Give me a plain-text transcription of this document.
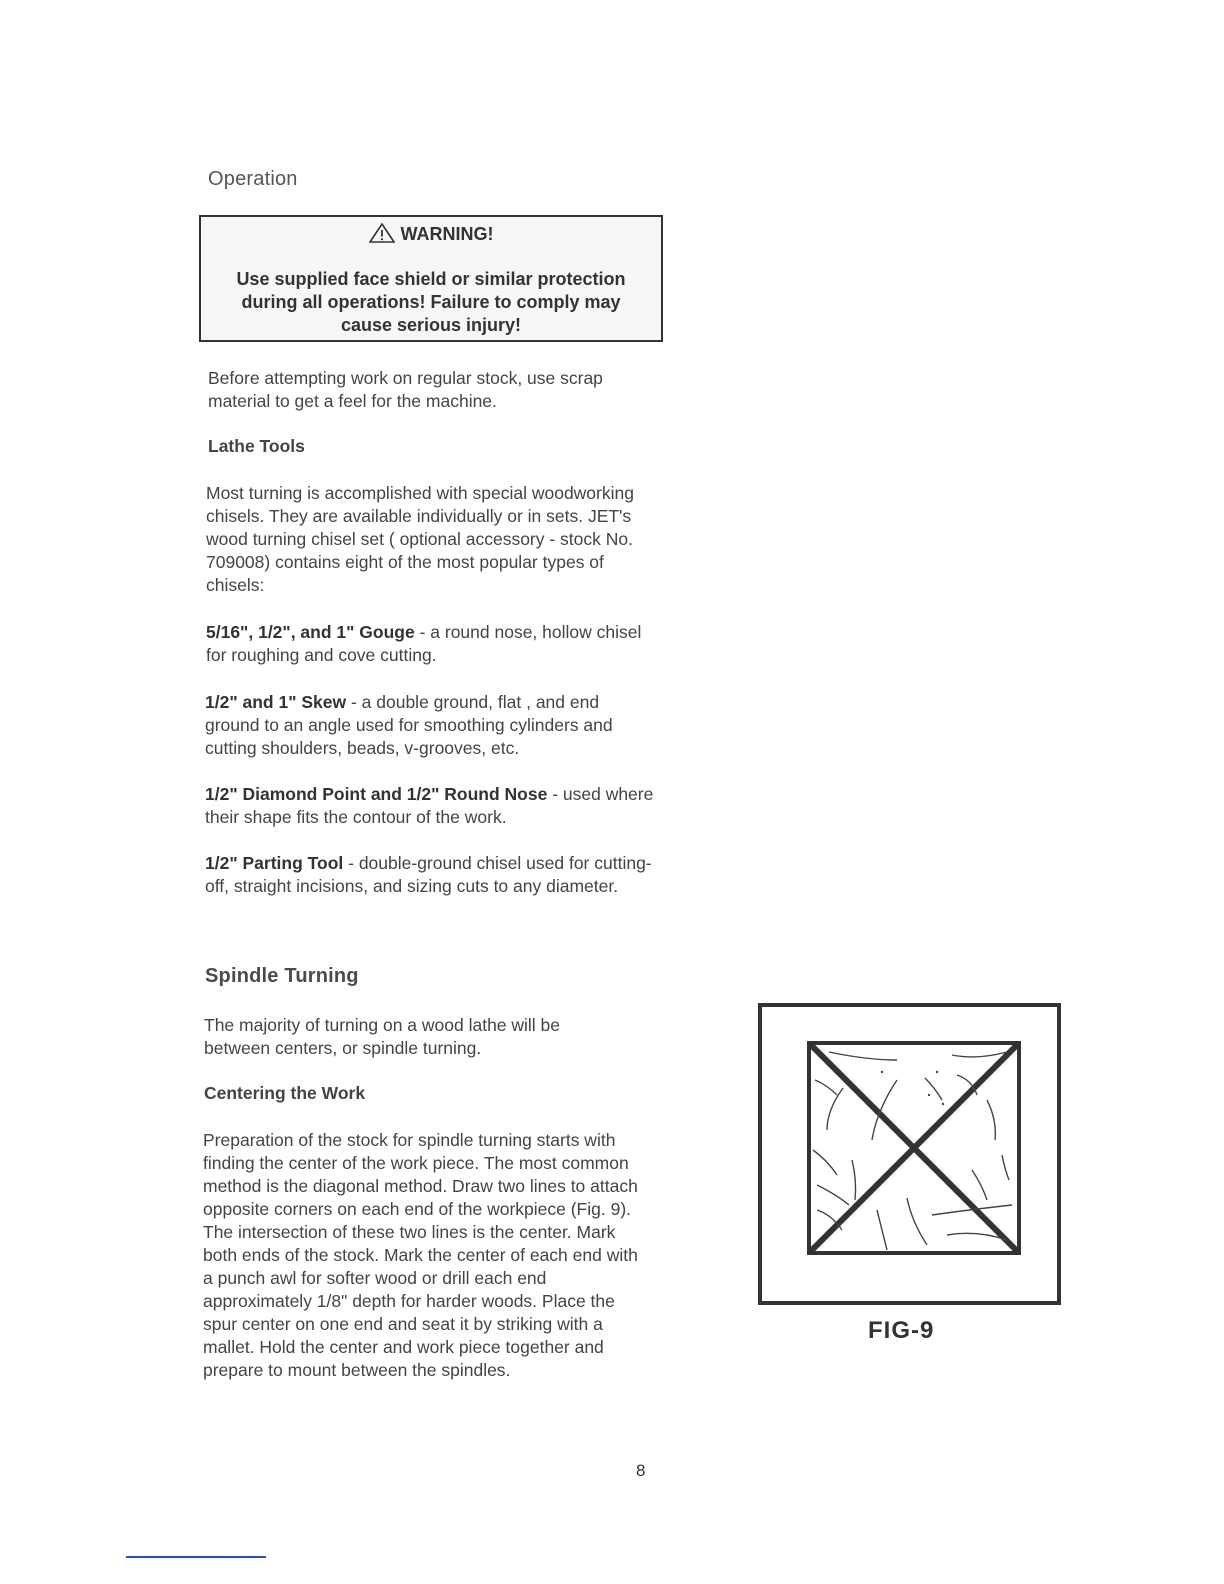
Operation
WARNING!
Use supplied face shield or similar protection during all operations! Failure to comply may cause serious injury!
Before attempting work on regular stock, use scrap material to get a feel for the machine.
Lathe Tools
Most turning is accomplished with special woodworking chisels. They are available individually or in sets. JET's wood turning chisel set ( optional accessory - stock No. 709008) contains eight of the most popular types of chisels:
5/16", 1/2", and 1" Gouge - a round nose, hollow chisel for roughing and cove cutting.
1/2" and 1" Skew - a double ground, flat , and end ground to an angle used for smoothing cylinders and cutting shoulders, beads, v-grooves, etc.
1/2" Diamond Point and 1/2" Round Nose - used where their shape fits the contour of the work.
1/2" Parting Tool - double-ground chisel used for cutting-off, straight incisions, and sizing cuts to any diameter.
Spindle Turning
The majority of turning on a wood lathe will be between centers, or spindle turning.
Centering the Work
Preparation of the stock for spindle turning starts with finding the center of the work piece. The most common method is the diagonal method. Draw two lines to attach opposite corners on each end of the workpiece (Fig. 9). The intersection of these two lines is the center. Mark both ends of the stock. Mark the center of each end with a punch awl for softer wood or drill each end approximately 1/8" depth for harder woods. Place the spur center on one end and seat it by striking with a mallet. Hold the center and work piece together and prepare to mount between the spindles.
FIG-9
8
